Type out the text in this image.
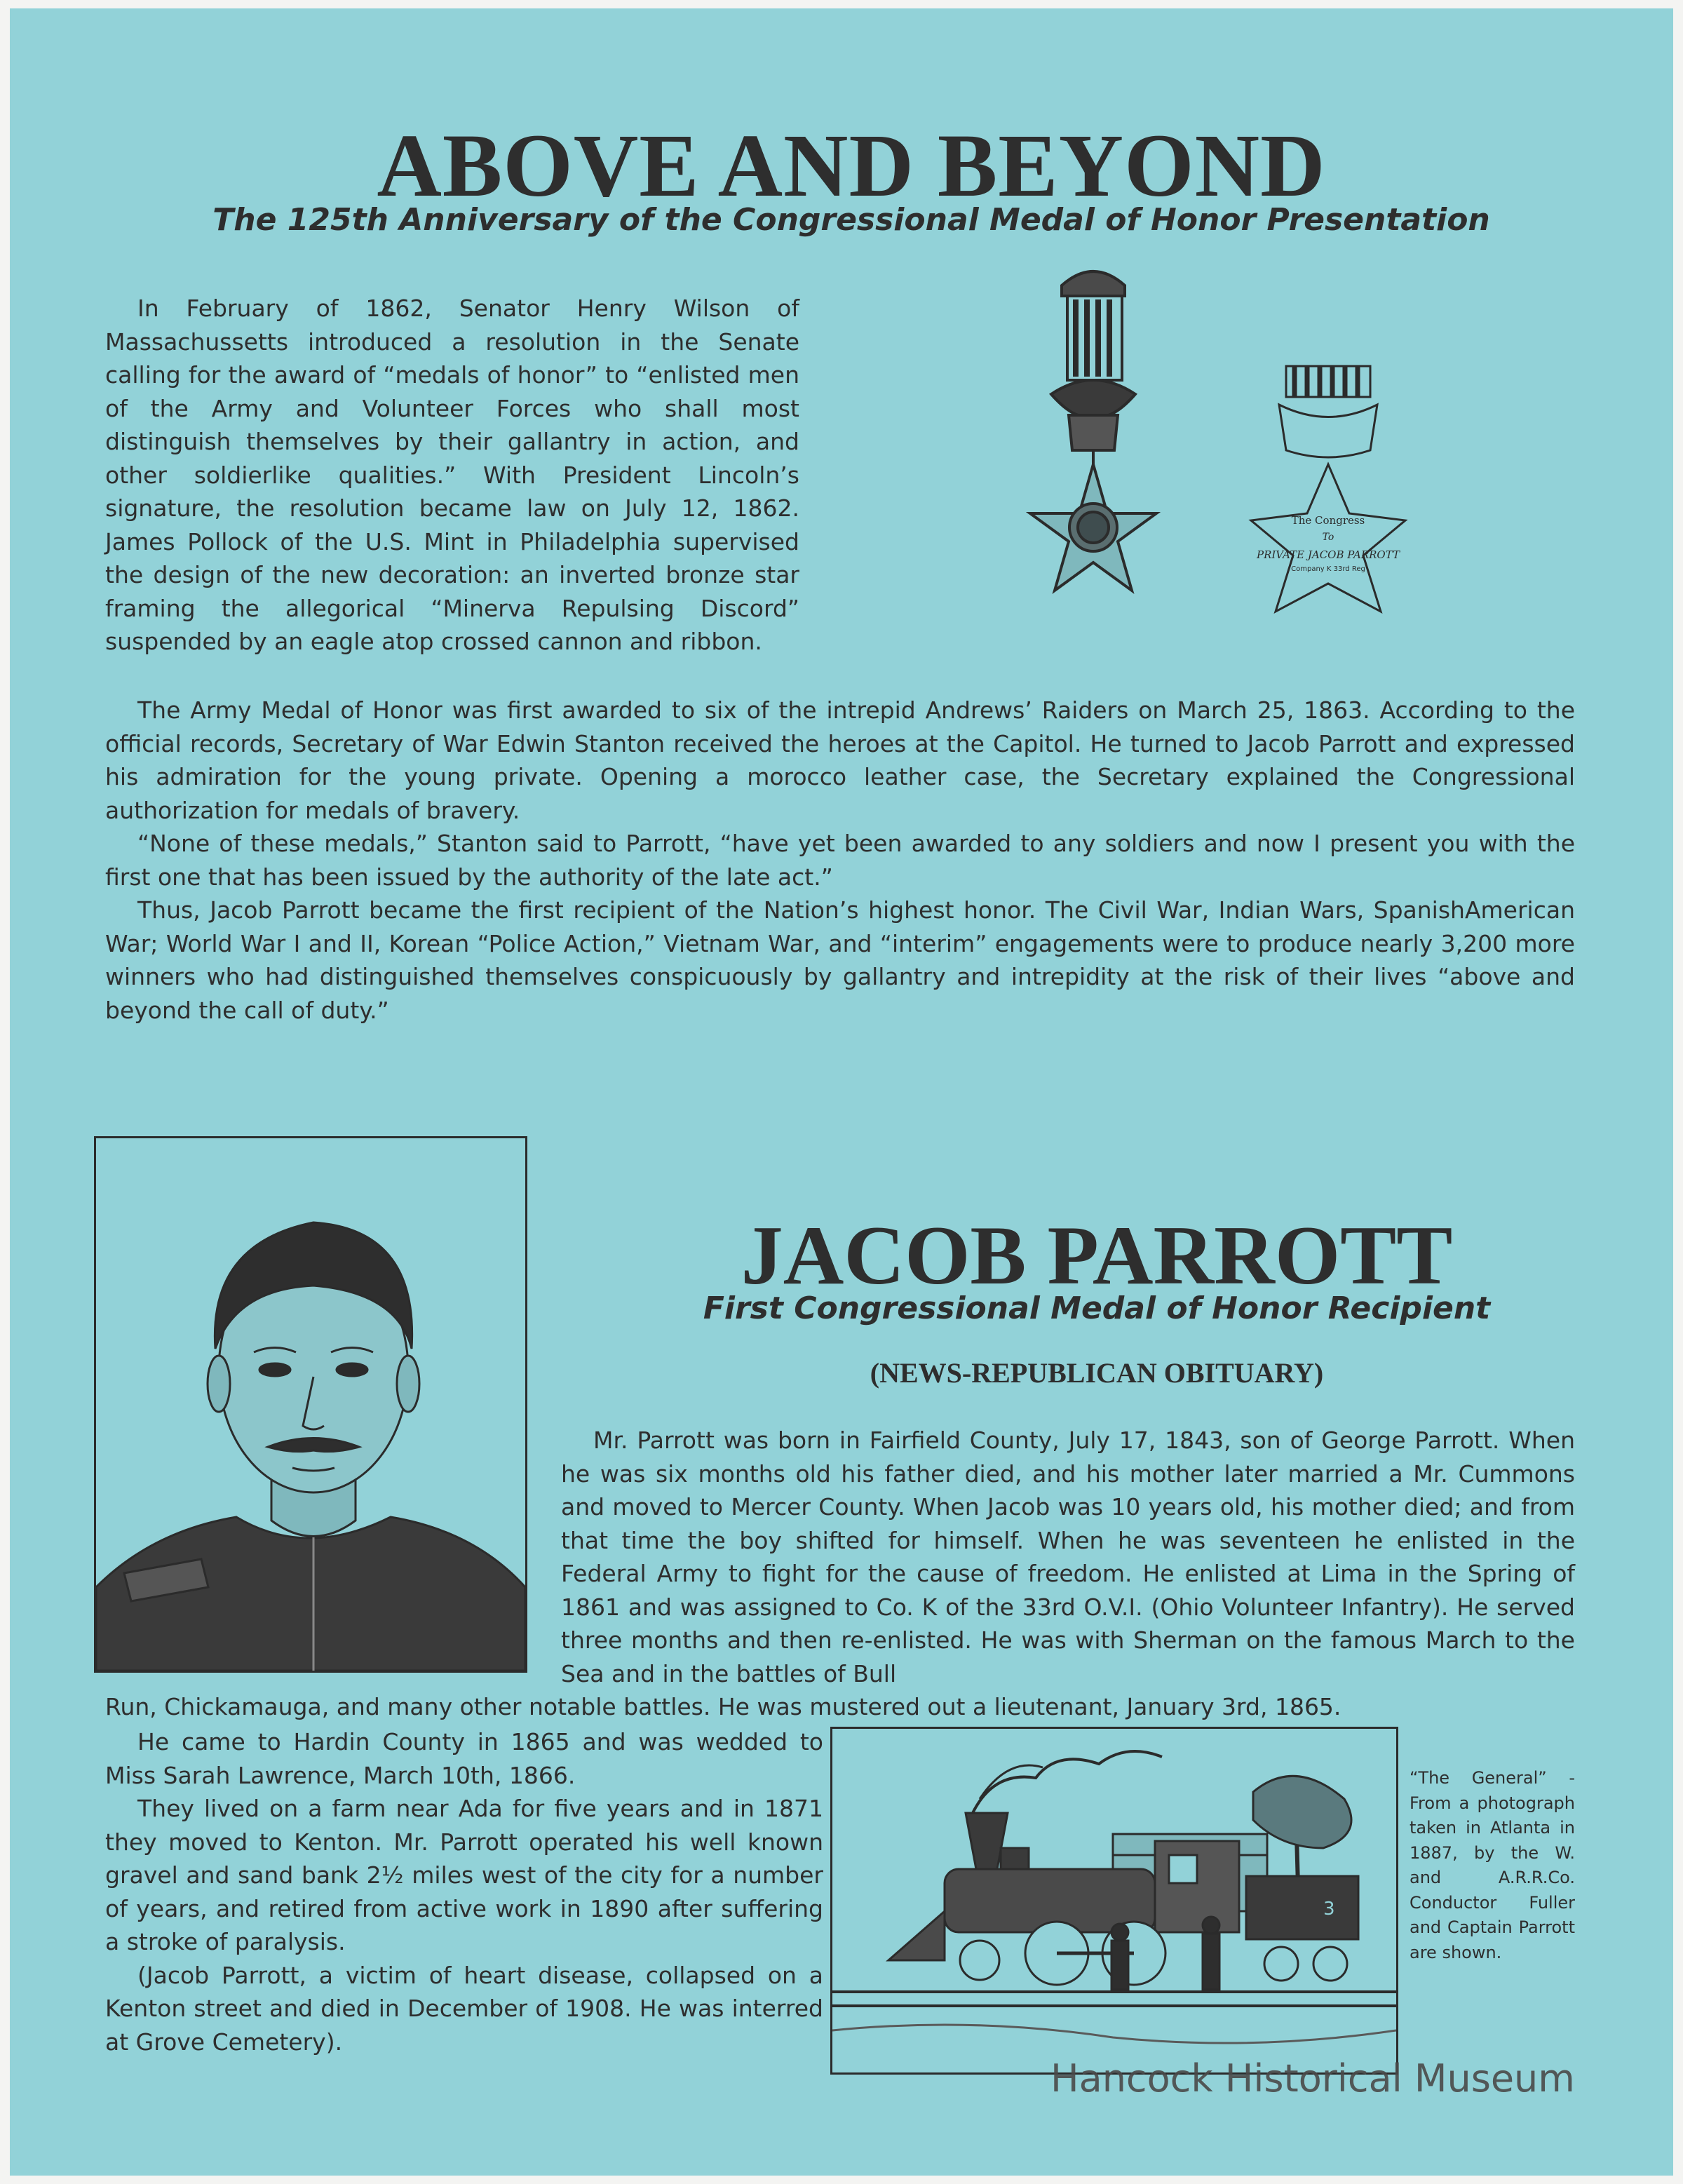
ABOVE AND BEYOND
The 125th Anniversary of the Congressional Medal of Honor Presentation

In February of 1862, Senator Henry Wilson of Massachussetts introduced a resolution in the Senate calling for the award of “medals of honor” to “enlisted men of the Army and Volunteer Forces who shall most distinguish themselves by their gallantry in action, and other soldierlike qualities.” With President Lincoln’s signature, the resolution became law on July 12, 1862. James Pollock of the U.S. Mint in Philadelphia supervised the design of the new decoration: an inverted bronze star framing the allegorical “Minerva Repulsing Discord” suspended by an eagle atop crossed cannon and ribbon.

The Congress
To
PRIVATE JACOB PARROTT
Company K 33rd Reg

The Army Medal of Honor was first awarded to six of the intrepid Andrews’ Raiders on March 25, 1863. According to the official records, Secretary of War Edwin Stanton received the heroes at the Capitol. He turned to Jacob Parrott and expressed his admiration for the young private. Opening a morocco leather case, the Secretary explained the Congressional authorization for medals of bravery.

“None of these medals,” Stanton said to Parrott, “have yet been awarded to any soldiers and now I present you with the first one that has been issued by the authority of the late act.”

Thus, Jacob Parrott became the first recipient of the Nation’s highest honor. The Civil War, Indian Wars, SpanishAmerican War; World War I and II, Korean “Police Action,” Vietnam War, and “interim” engagements were to produce nearly 3,200 more winners who had distinguished themselves conspicuously by gallantry and intrepidity at the risk of their lives “above and beyond the call of duty.”

JACOB PARROTT
First Congressional Medal of Honor Recipient
(NEWS-REPUBLICAN OBITUARY)

Mr. Parrott was born in Fairfield County, July 17, 1843, son of George Parrott. When he was six months old his father died, and his mother later married a Mr. Cummons and moved to Mercer County. When Jacob was 10 years old, his mother died; and from that time the boy shifted for himself. When he was seventeen he enlisted in the Federal Army to fight for the cause of freedom. He enlisted at Lima in the Spring of 1861 and was assigned to Co. K of the 33rd O.V.I. (Ohio Volunteer Infantry). He served three months and then re-enlisted. He was with Sherman on the famous March to the Sea and in the battles of Bull

Run, Chickamauga, and many other notable battles. He was mustered out a lieutenant, January 3rd, 1865.

He came to Hardin County in 1865 and was wedded to Miss Sarah Lawrence, March 10th, 1866.

They lived on a farm near Ada for five years and in 1871 they moved to Kenton. Mr. Parrott operated his well known gravel and sand bank 2½ miles west of the city for a number of years, and retired from active work in 1890 after suffering a stroke of paralysis.

(Jacob Parrott, a victim of heart disease, collapsed on a Kenton street and died in December of 1908. He was interred at Grove Cemetery).

3

“The General” - From a photograph taken in Atlanta in 1887, by the W. and A.R.R.Co. Conductor Fuller and Captain Parrott are shown.

Hancock Historical Museum
